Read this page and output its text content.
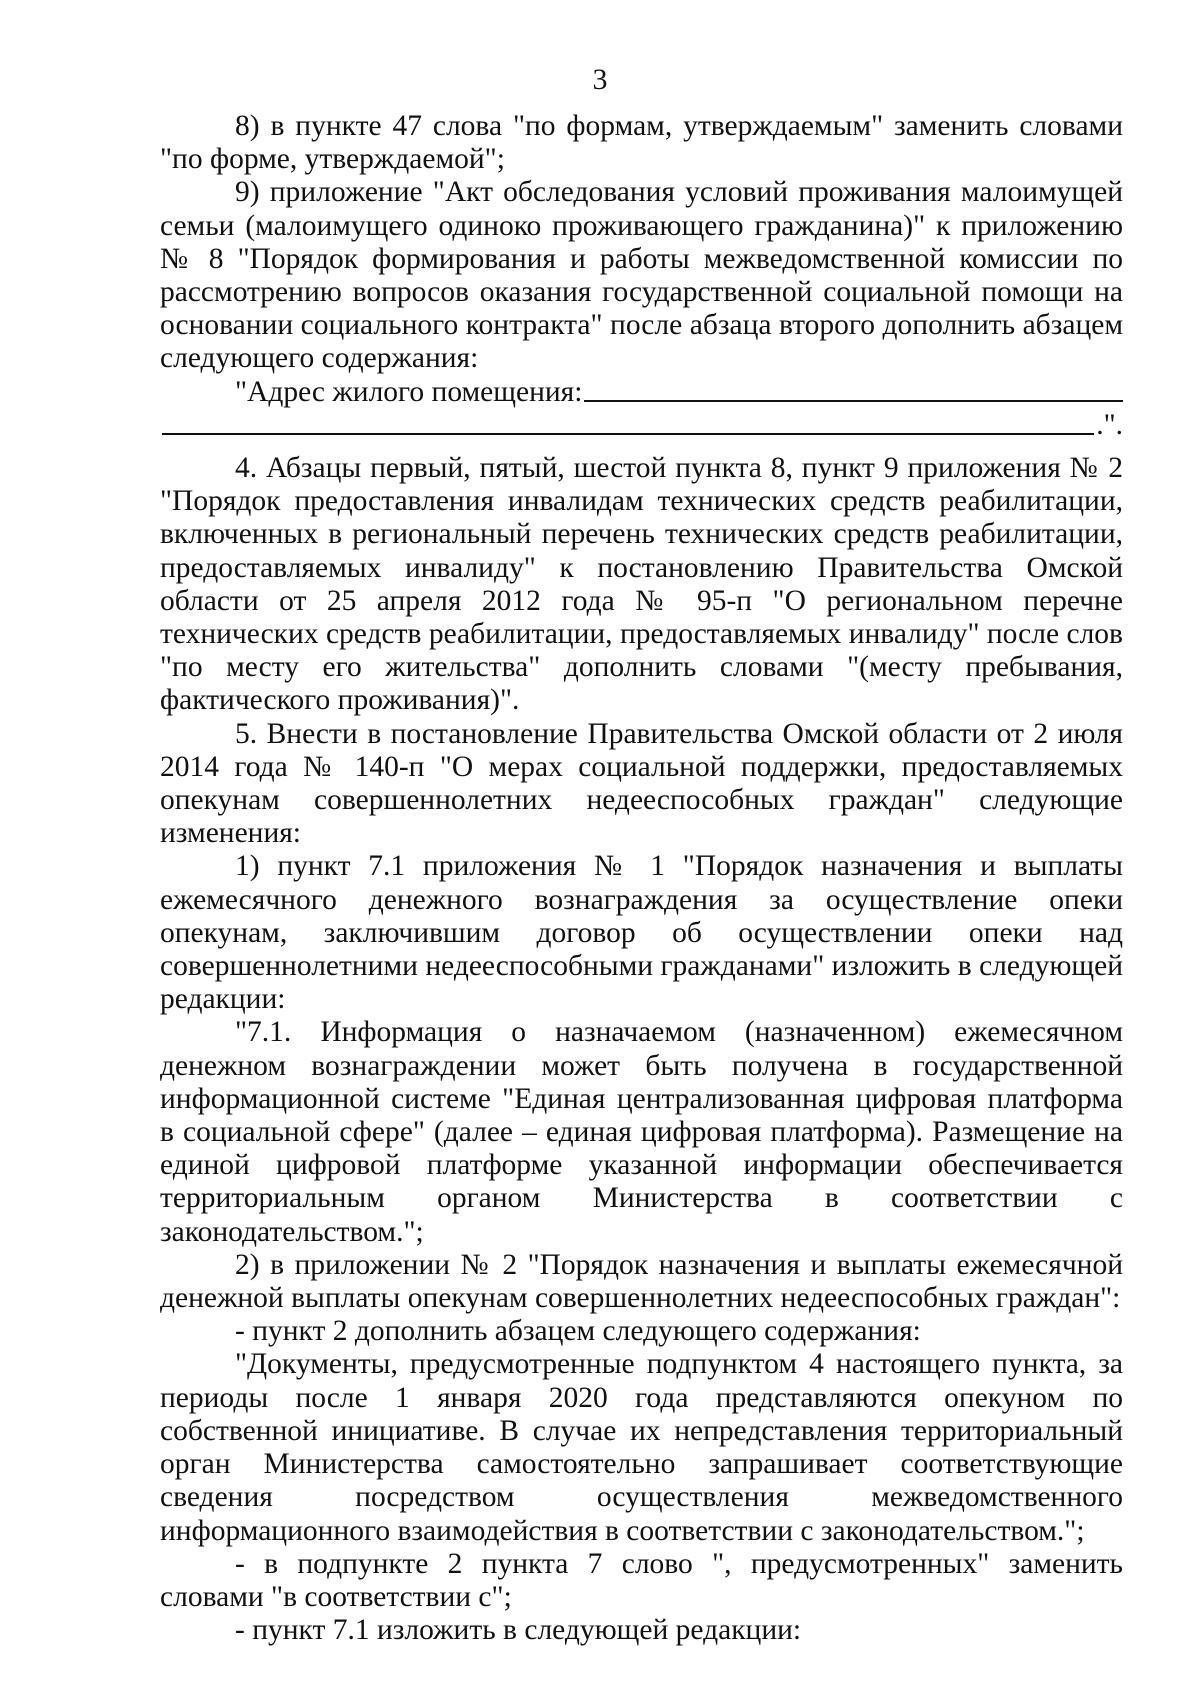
3

8) в пункте 47 слова "по формам, утверждаемым" заменить словами "по форме, утверждаемой";

9) приложение "Акт обследования условий проживания малоимущей семьи (малоимущего одиноко проживающего гражданина)" к приложению № 8 "Порядок формирования и работы межведомственной комиссии по рассмотрению вопросов оказания государственной социальной помощи на основании социального контракта" после абзаца второго дополнить абзацем следующего содержания:

"Адрес жилого помещения:
.".

4. Абзацы первый, пятый, шестой пункта 8, пункт 9 приложения № 2 "Порядок предоставления инвалидам технических средств реабилитации, включенных в региональный перечень технических средств реабилитации, предоставляемых инвалиду" к постановлению Правительства Омской области от 25 апреля 2012 года № 95-п "О региональном перечне технических средств реабилитации, предоставляемых инвалиду" после слов "по месту его жительства" дополнить словами "(месту пребывания, фактического проживания)".

5. Внести в постановление Правительства Омской области от 2 июля 2014 года № 140-п "О мерах социальной поддержки, предоставляемых опекунам совершеннолетних недееспособных граждан" следующие изменения:

1) пункт 7.1 приложения № 1 "Порядок назначения и выплаты ежемесячного денежного вознаграждения за осуществление опеки опекунам, заключившим договор об осуществлении опеки над совершеннолетними недееспособными гражданами" изложить в следующей редакции:

"7.1. Информация о назначаемом (назначенном) ежемесячном денежном вознаграждении может быть получена в государственной информационной системе "Единая централизованная цифровая платформа в социальной сфере" (далее – единая цифровая платформа). Размещение на единой цифровой платформе указанной информации обеспечивается территориальным органом Министерства в соответствии с законодательством.";

2) в приложении № 2 "Порядок назначения и выплаты ежемесячной денежной выплаты опекунам совершеннолетних недееспособных граждан":

- пункт 2 дополнить абзацем следующего содержания:

"Документы, предусмотренные подпунктом 4 настоящего пункта, за периоды после 1 января 2020 года представляются опекуном по собственной инициативе. В случае их непредставления территориальный орган Министерства самостоятельно запрашивает соответствующие сведения посредством осуществления межведомственного информационного взаимодействия в соответствии с законодательством.";

- в подпункте 2 пункта 7 слово ", предусмотренных" заменить словами "в соответствии с";

- пункт 7.1 изложить в следующей редакции:
